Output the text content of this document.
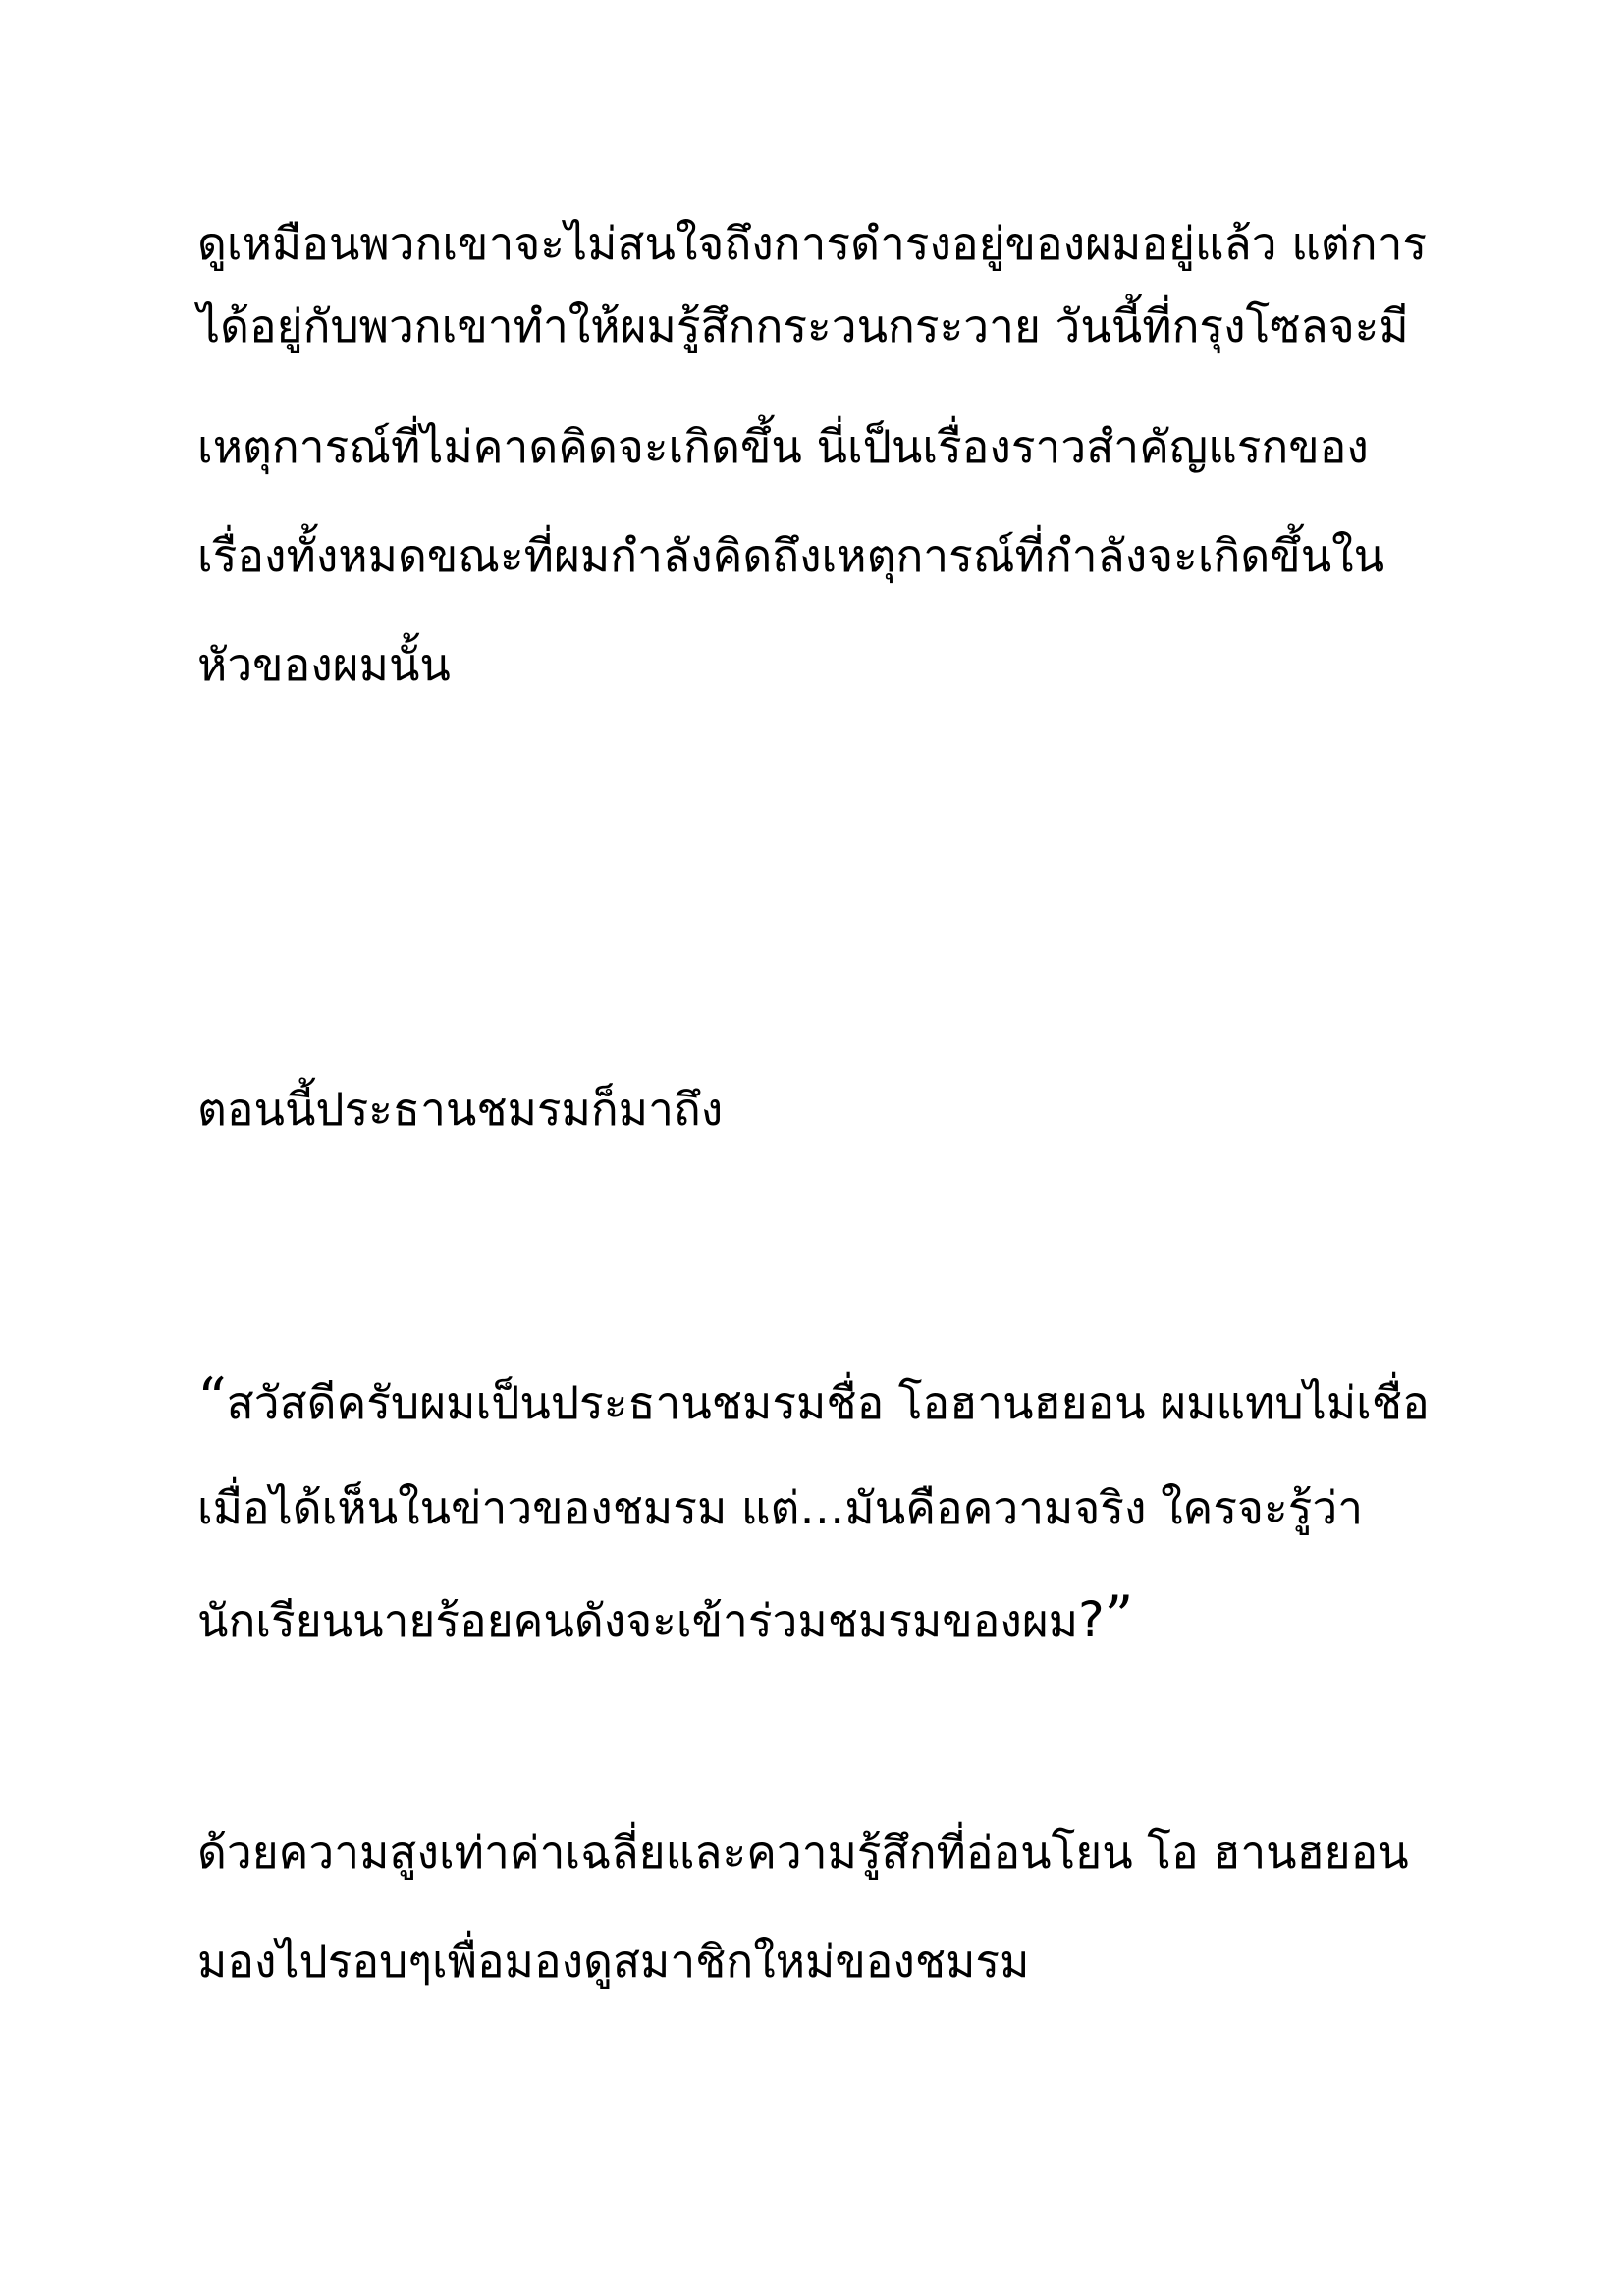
ดูเหมือนพวกเขาจะไม่สนใจถึงการดำรงอยู่ของผมอยู่แล้ว แต่การ
ได้อยู่กับพวกเขาทำให้ผมรู้สึกกระวนกระวาย วันนี้ที่กรุงโซลจะมี
เหตุการณ์ที่ไม่คาดคิดจะเกิดขึ้น นี่เป็นเรื่องราวสำคัญแรกของ
เรื่องทั้งหมดขณะที่ผมกำลังคิดถึงเหตุการณ์ที่กำลังจะเกิดขึ้นใน
หัวของผมนั้น
ตอนนี้ประธานชมรมก็มาถึง
“สวัสดีครับผมเป็นประธานชมรมชื่อ โอฮานฮยอน ผมแทบไม่เชื่อ
เมื่อได้เห็นในข่าวของชมรม แต่…มันคือความจริง ใครจะรู้ว่า
นักเรียนนายร้อยคนดังจะเข้าร่วมชมรมของผม?”
ด้วยความสูงเท่าค่าเฉลี่ยและความรู้สึกที่อ่อนโยน โอ ฮานฮยอน
มองไปรอบๆเพื่อมองดูสมาชิกใหม่ของชมรม
